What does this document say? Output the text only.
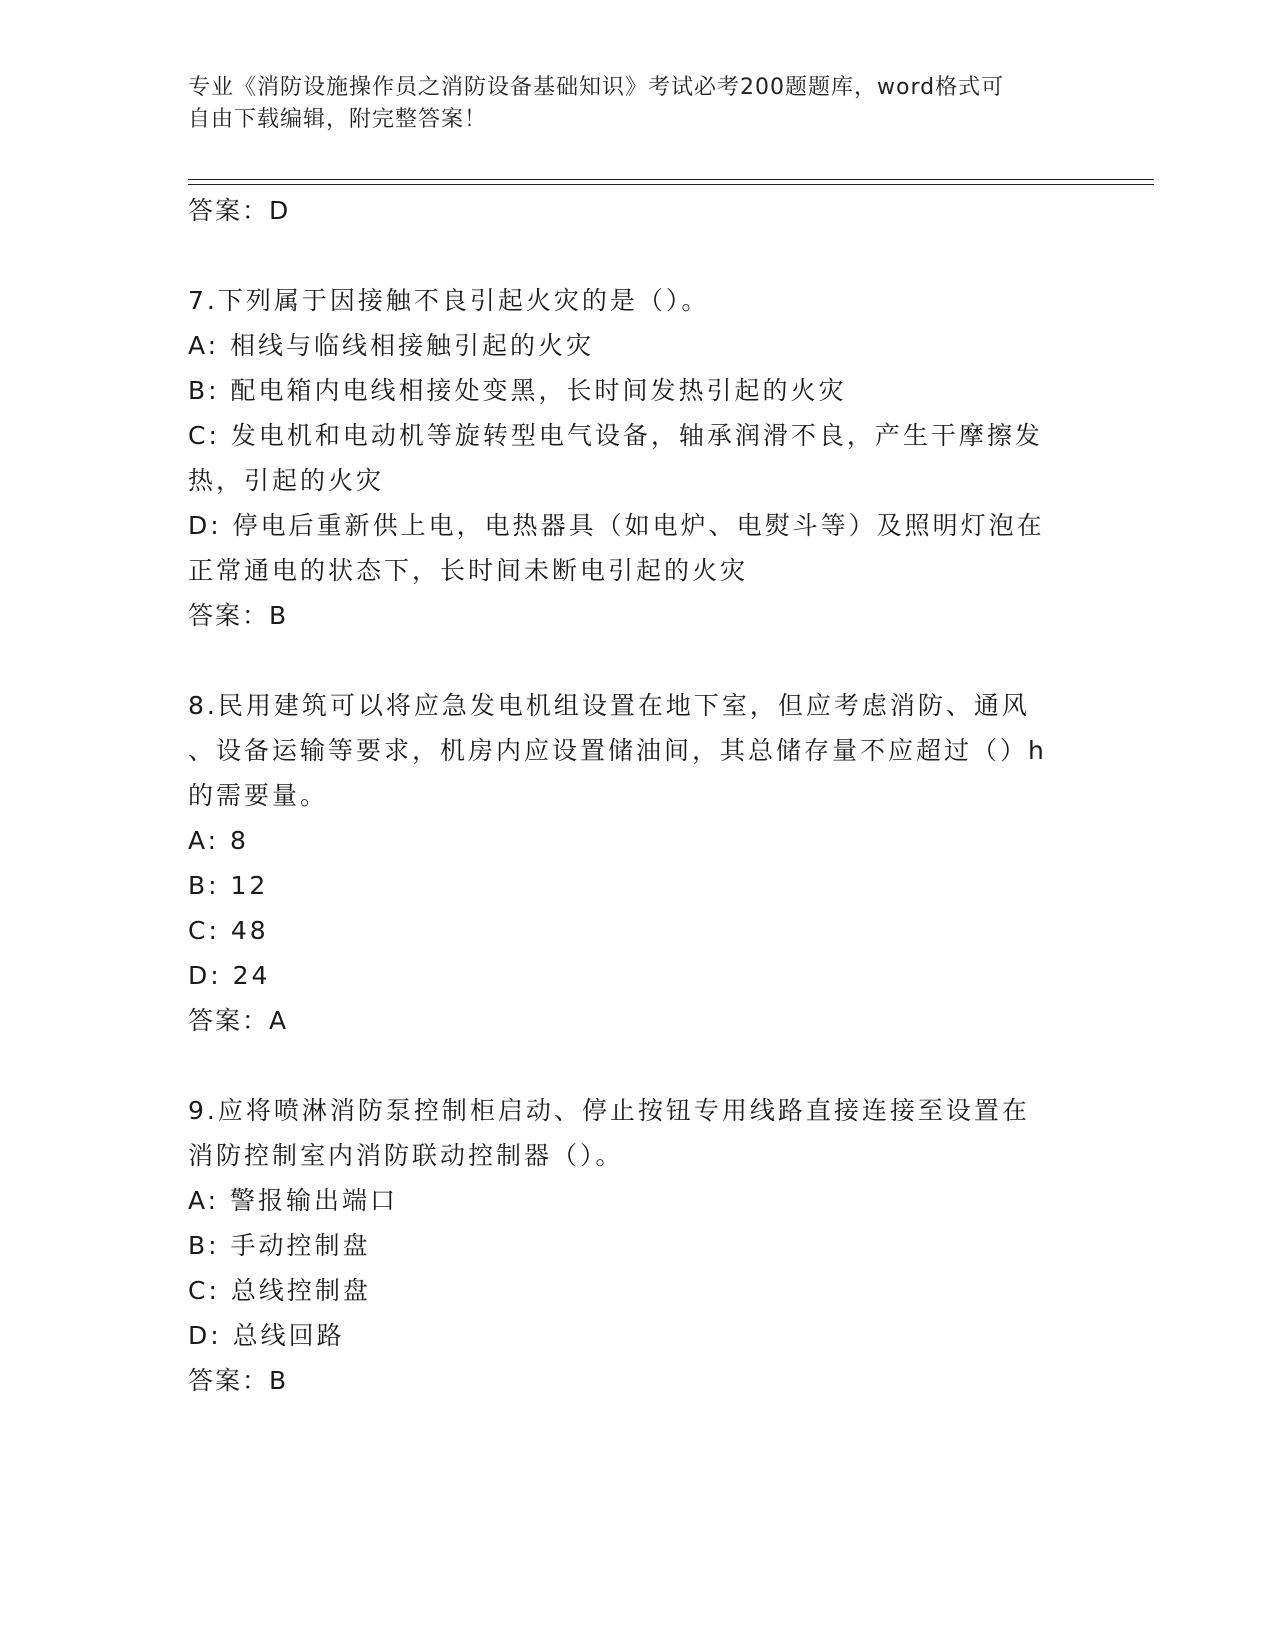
专业《消防设施操作员之消防设备基础知识》考试必考200题题库，word格式可
自由下载编辑，附完整答案！
答案：D
7.下列属于因接触不良引起火灾的是（）。
A: 相线与临线相接触引起的火灾
B: 配电箱内电线相接处变黑，长时间发热引起的火灾
C: 发电机和电动机等旋转型电气设备，轴承润滑不良，产生干摩擦发
热，引起的火灾
D: 停电后重新供上电，电热器具（如电炉、电熨斗等）及照明灯泡在
正常通电的状态下，长时间未断电引起的火灾
答案：B
8.民用建筑可以将应急发电机组设置在地下室，但应考虑消防、通风
、设备运输等要求，机房内应设置储油间，其总储存量不应超过（）h
的需要量。
A: 8
B: 12
C: 48
D: 24
答案：A
9.应将喷淋消防泵控制柜启动、停止按钮专用线路直接连接至设置在
消防控制室内消防联动控制器（）。
A: 警报输出端口
B: 手动控制盘
C: 总线控制盘
D: 总线回路
答案：B
